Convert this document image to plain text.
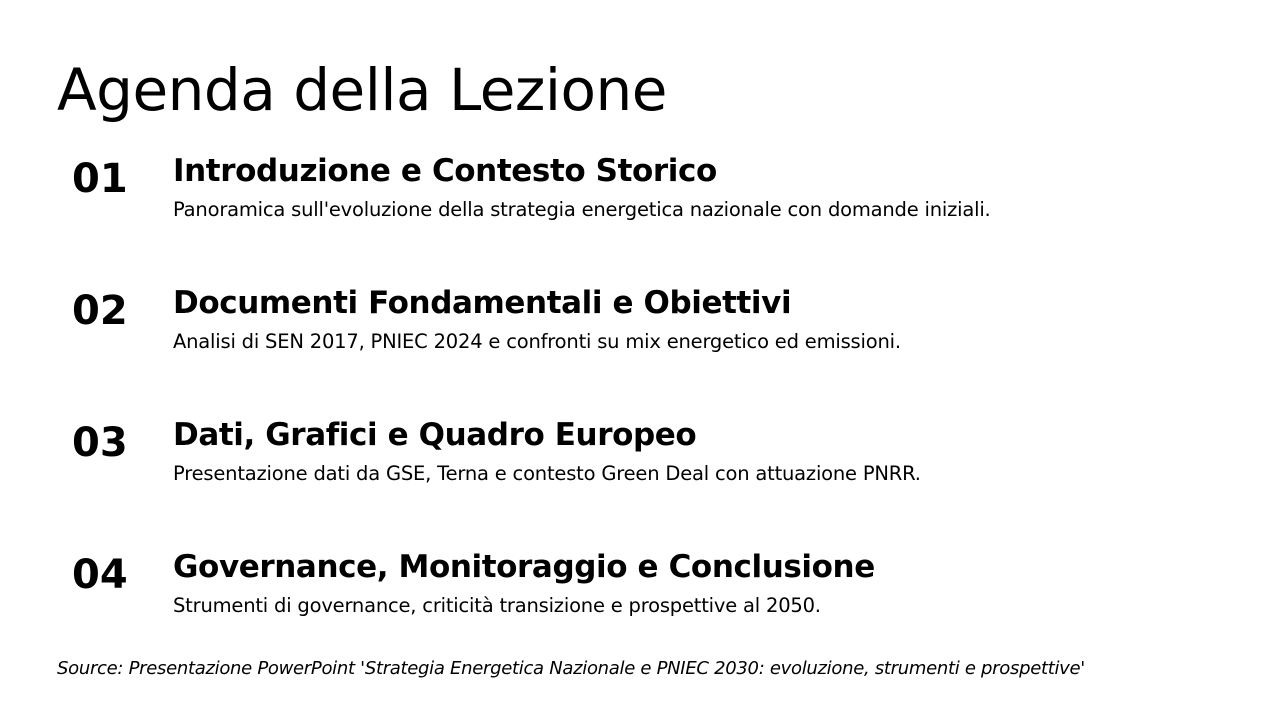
Agenda della Lezione
01 Introduzione e Contesto Storico

Panoramica sull'evoluzione della strategia energetica nazionale con domande iniziali.

02 Documenti Fondamentali e Obiettivi

Analisi di SEN 2017, PNIEC 2024 e confronti su mix energetico ed emissioni.

03 Dati, Grafici e Quadro Europeo

Presentazione dati da GSE, Terna e contesto Green Deal con attuazione PNRR.

04 Governance, Monitoraggio e Conclusione

Strumenti di governance, criticità transizione e prospettive al 2050.

Source: Presentazione PowerPoint 'Strategia Energetica Nazionale e PNIEC 2030: evoluzione, strumenti e prospettive'
